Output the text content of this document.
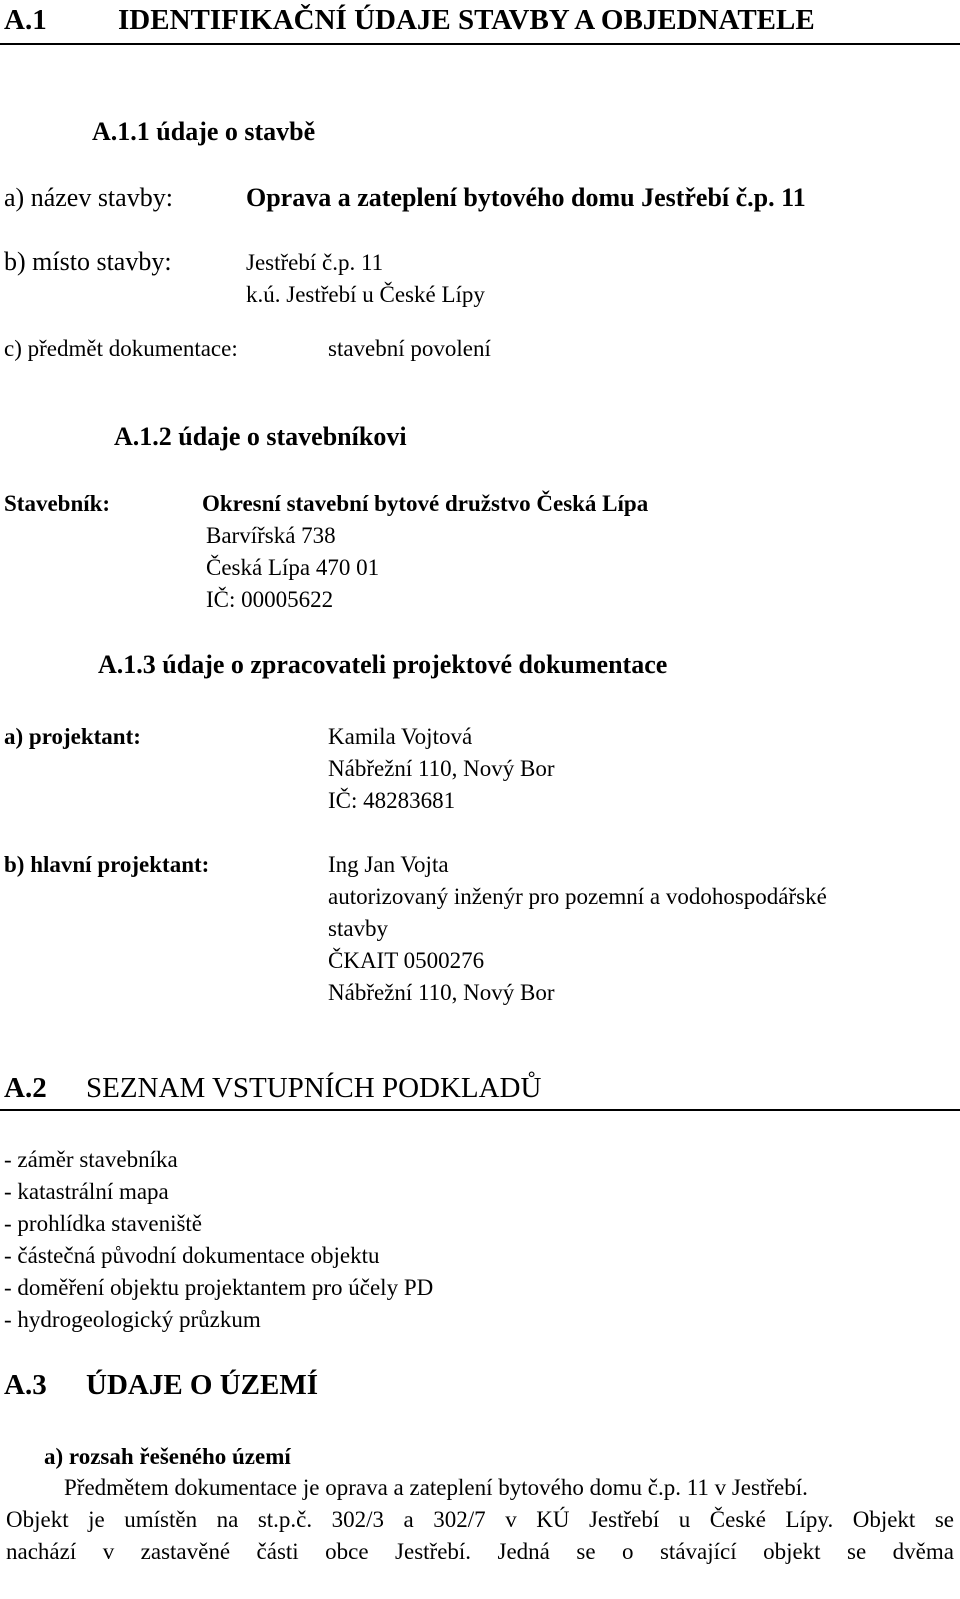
A.1 IDENTIFIKAČNÍ ÚDAJE STAVBY A OBJEDNATELE
A.1.1 údaje o stavbě
a) název stavby:	Oprava a zateplení bytového domu Jestřebí č.p. 11
b) místo stavby:	Jestřebí č.p. 11
k.ú. Jestřebí u České Lípy
c) předmět dokumentace:	stavební povolení
A.1.2 údaje o stavebníkovi
Stavebník:	Okresní stavební bytové družstvo Česká Lípa
Barvířská 738
Česká Lípa 470 01
IČ: 00005622
A.1.3 údaje o zpracovateli projektové dokumentace
a) projektant:	Kamila Vojtová
Nábřežní 110, Nový Bor
IČ: 48283681
b) hlavní projektant:	Ing Jan Vojta
autorizovaný inženýr pro pozemní a vodohospodářské
stavby
ČKAIT 0500276
Nábřežní 110, Nový Bor
A.2 SEZNAM VSTUPNÍCH PODKLADŮ
- záměr stavebníka
- katastrální mapa
- prohlídka staveniště
- částečná původní dokumentace objektu
- doměření objektu projektantem pro účely PD
- hydrogeologický průzkum
A.3 ÚDAJE O ÚZEMÍ
a) rozsah řešeného území
Předmětem dokumentace je oprava a zateplení bytového domu č.p. 11 v Jestřebí.
Objekt je umístěn na st.p.č. 302/3 a 302/7 v KÚ Jestřebí u České Lípy. Objekt se
nachází v zastavěné části obce Jestřebí. Jedná se o stávající objekt se dvěma
